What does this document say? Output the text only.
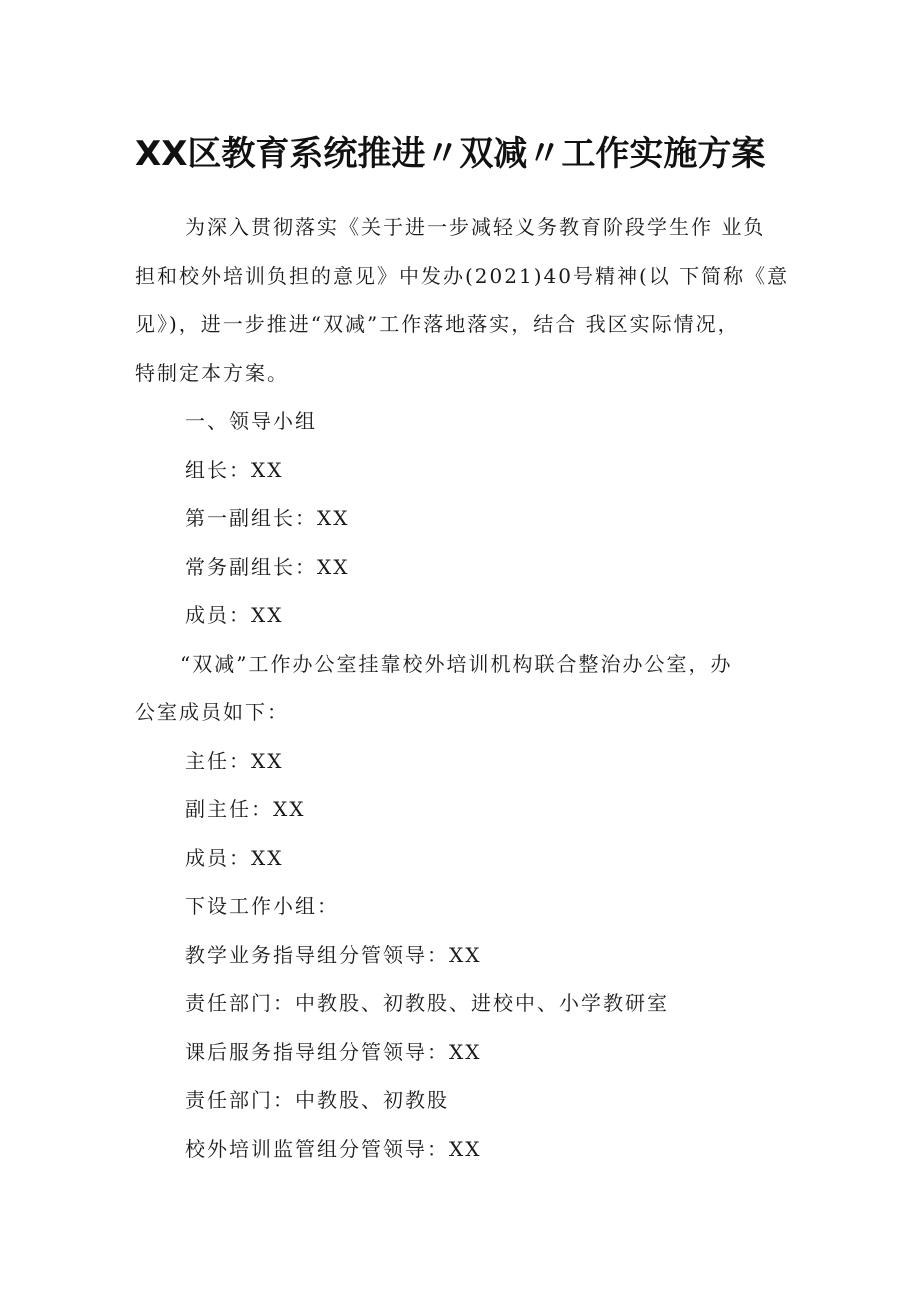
XX区教育系统推进〃双减〃工作实施方案
为深入贯彻落实《关于进一步减轻义务教育阶段学生作 业负
担和校外培训负担的意见》中发办(2021)40号精神(以 下简称《意
见》)，进一步推进“双减”工作落地落实，结合 我区实际情况，
特制定本方案。

一、领导小组

组长：XX

第一副组长：XX

常务副组长：XX

成员：XX

“双减”工作办公室挂靠校外培训机构联合整治办公室，办
公室成员如下：

主任：XX

副主任：XX

成员：XX

下设工作小组：

教学业务指导组分管领导：XX

责任部门：中教股、初教股、进校中、小学教研室

课后服务指导组分管领导：XX

责任部门：中教股、初教股

校外培训监管组分管领导：XX
